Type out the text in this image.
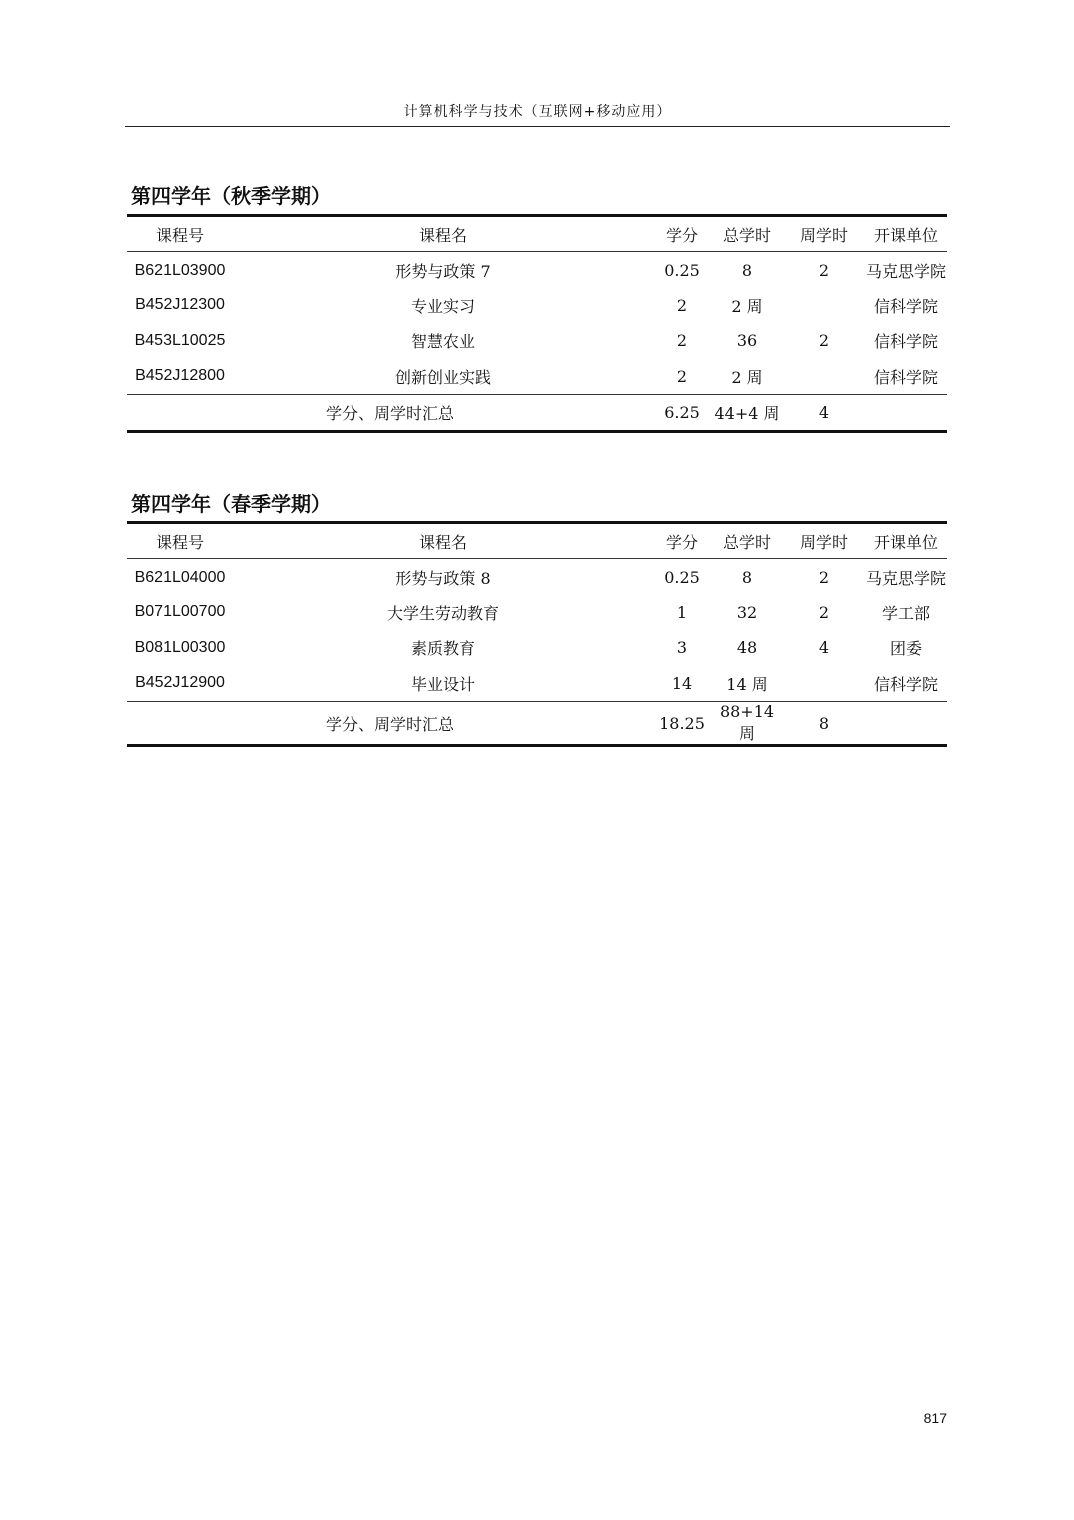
计算机科学与技术（互联网+移动应用）
第四学年（秋季学期）
课程号	课程名	学分	总学时	周学时	开课单位
B621L03900	形势与政策 7	0.25	8	2	马克思学院
B452J12300	专业实习	2	2 周		信科学院
B453L10025	智慧农业	2	36	2	信科学院
B452J12800	创新创业实践	2	2 周		信科学院
学分、周学时汇总		6.25	44+4 周	4	
第四学年（春季学期）
课程号	课程名	学分	总学时	周学时	开课单位
B621L04000	形势与政策 8	0.25	8	2	马克思学院
B071L00700	大学生劳动教育	1	32	2	学工部
B081L00300	素质教育	3	48	4	团委
B452J12900	毕业设计	14	14 周		信科学院
学分、周学时汇总		18.25	88+14 周	8	
817
